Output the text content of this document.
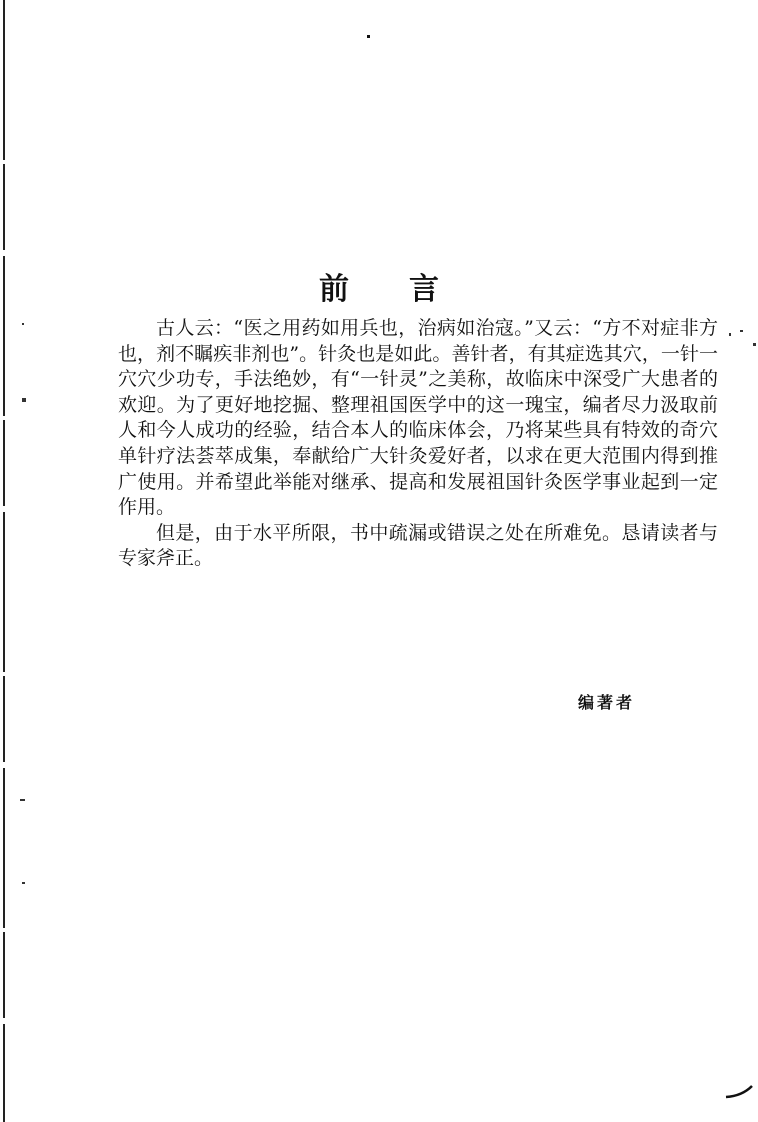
前 言

古人云：“医之用药如用兵也，治病如治寇。”又云：“方不对症非方也，剂不瞩疾非剂也”。针灸也是如此。善针者，有其症选其穴，一针一穴穴少功专，手法绝妙，有“一针灵”之美称，故临床中深受广大患者的欢迎。为了更好地挖掘、整理祖国医学中的这一瑰宝，编者尽力汲取前人和今人成功的经验，结合本人的临床体会，乃将某些具有特效的奇穴单针疗法荟萃成集，奉献给广大针灸爱好者，以求在更大范围内得到推广使用。并希望此举能对继承、提高和发展祖国针灸医学事业起到一定作用。

但是，由于水平所限，书中疏漏或错误之处在所难免。恳请读者与专家斧正。

编著者
